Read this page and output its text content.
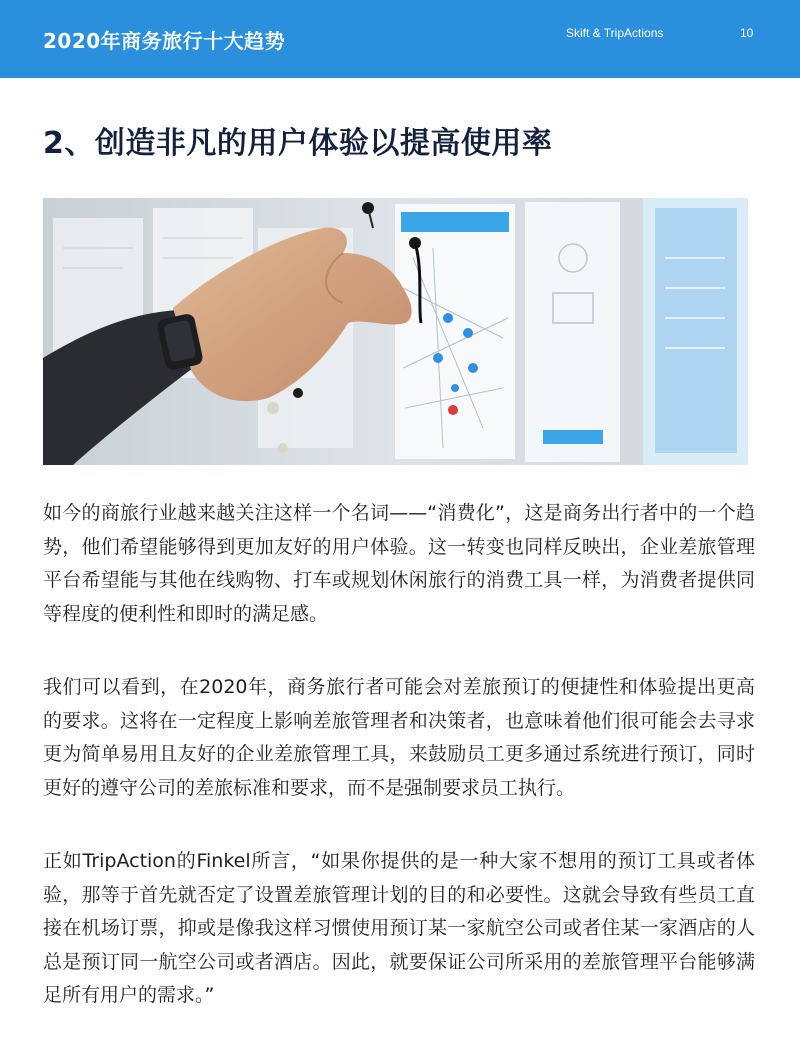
2020年商务旅行十大趋势	Skift & TripActions	10
2、创造非凡的用户体验以提高使用率

如今的商旅行业越来越关注这样一个名词——“消费化”，这是商务出行者中的一个趋势，他们希望能够得到更加友好的用户体验。这一转变也同样反映出，企业差旅管理平台希望能与其他在线购物、打车或规划休闲旅行的消费工具一样，为消费者提供同等程度的便利性和即时的满足感。

我们可以看到，在2020年，商务旅行者可能会对差旅预订的便捷性和体验提出更高的要求。这将在一定程度上影响差旅管理者和决策者，也意味着他们很可能会去寻求更为简单易用且友好的企业差旅管理工具，来鼓励员工更多通过系统进行预订，同时更好的遵守公司的差旅标准和要求，而不是强制要求员工执行。

正如TripAction的Finkel所言，“如果你提供的是一种大家不想用的预订工具或者体验，那等于首先就否定了设置差旅管理计划的目的和必要性。这就会导致有些员工直接在机场订票，抑或是像我这样习惯使用预订某一家航空公司或者住某一家酒店的人总是预订同一航空公司或者酒店。因此，就要保证公司所采用的差旅管理平台能够满足所有用户的需求。”
